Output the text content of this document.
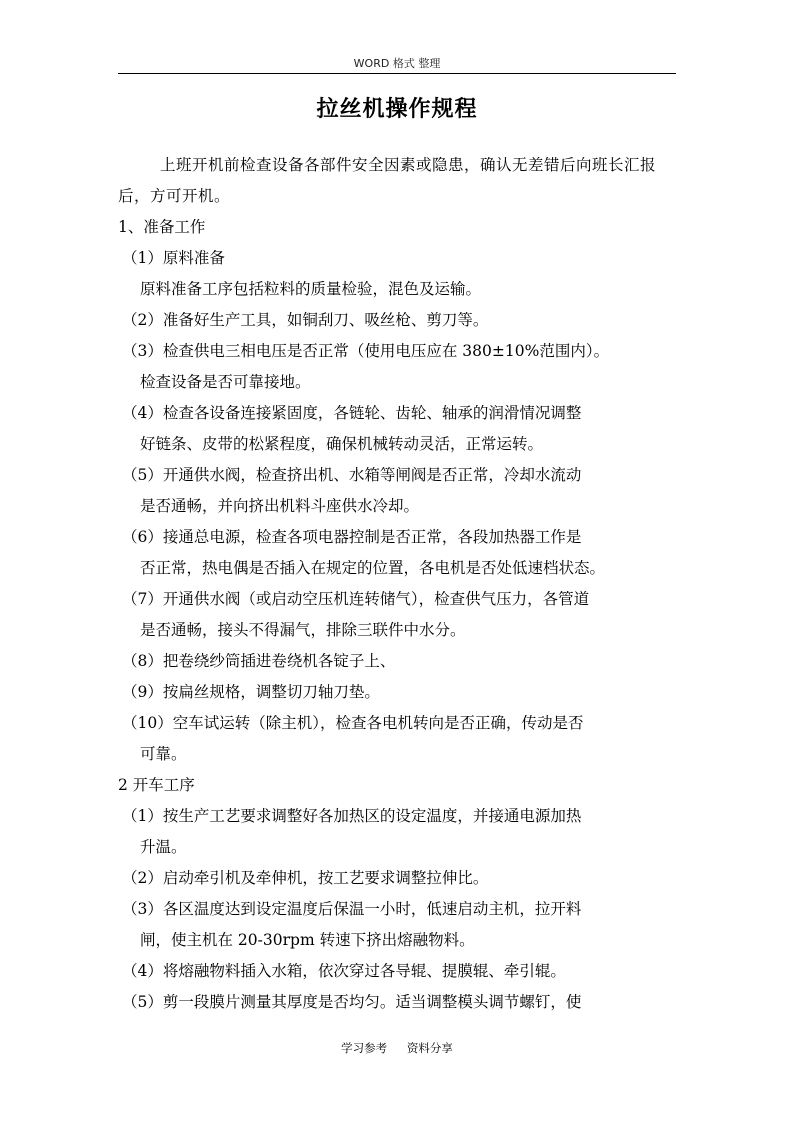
WORD 格式 整理
拉丝机操作规程

上班开机前检查设备各部件安全因素或隐患，确认无差错后向班长汇报后，方可开机。

1、准备工作

（1）原料准备

原料准备工序包括粒料的质量检验，混色及运输。

（2）准备好生产工具，如铜刮刀、吸丝枪、剪刀等。

（3）检查供电三相电压是否正常（使用电压应在 380±10%范围内）。

检查设备是否可靠接地。

（4）检查各设备连接紧固度，各链轮、齿轮、轴承的润滑情况调整

好链条、皮带的松紧程度，确保机械转动灵活，正常运转。

（5）开通供水阀，检查挤出机、水箱等闸阀是否正常，冷却水流动

是否通畅，并向挤出机料斗座供水冷却。

（6）接通总电源，检查各项电器控制是否正常，各段加热器工作是

否正常，热电偶是否插入在规定的位置，各电机是否处低速档状态。

（7）开通供水阀（或启动空压机连转储气），检查供气压力，各管道

是否通畅，接头不得漏气，排除三联件中水分。

（8）把卷绕纱筒插进卷绕机各锭子上、

（9）按扁丝规格，调整切刀轴刀垫。

（10）空车试运转（除主机），检查各电机转向是否正确，传动是否

可靠。

2 开车工序

（1）按生产工艺要求调整好各加热区的设定温度，并接通电源加热

升温。

（2）启动牵引机及牵伸机，按工艺要求调整拉伸比。

（3）各区温度达到设定温度后保温一小时，低速启动主机，拉开料

闸，使主机在 20-30rpm 转速下挤出熔融物料。

（4）将熔融物料插入水箱，依次穿过各导辊、提膜辊、牵引辊。

（5）剪一段膜片测量其厚度是否均匀。适当调整模头调节螺钉，使

学习参考 资料分享
